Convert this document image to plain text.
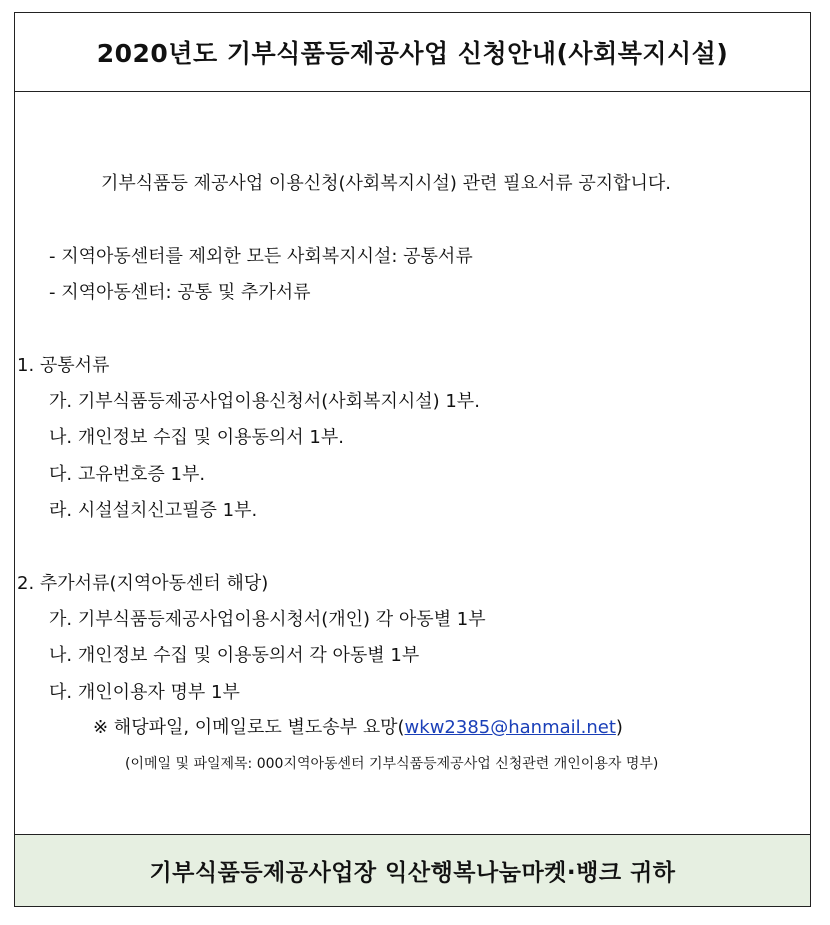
2020년도 기부식품등제공사업 신청안내(사회복지시설)
기부식품등 제공사업 이용신청(사회복지시설) 관련 필요서류 공지합니다.
- 지역아동센터를 제외한 모든 사회복지시설: 공통서류
- 지역아동센터: 공통 및 추가서류
1. 공통서류
가. 기부식품등제공사업이용신청서(사회복지시설) 1부.
나. 개인정보 수집 및 이용동의서 1부.
다. 고유번호증 1부.
라. 시설설치신고필증 1부.
2. 추가서류(지역아동센터 해당)
가. 기부식품등제공사업이용시청서(개인) 각 아동별 1부
나. 개인정보 수집 및 이용동의서 각 아동별 1부
다. 개인이용자 명부 1부
※ 해당파일, 이메일로도 별도송부 요망(wkw2385@hanmail.net)
(이메일 및 파일제목: 000지역아동센터 기부식품등제공사업 신청관련 개인이용자 명부)
기부식품등제공사업장 익산행복나눔마켓·뱅크 귀하
